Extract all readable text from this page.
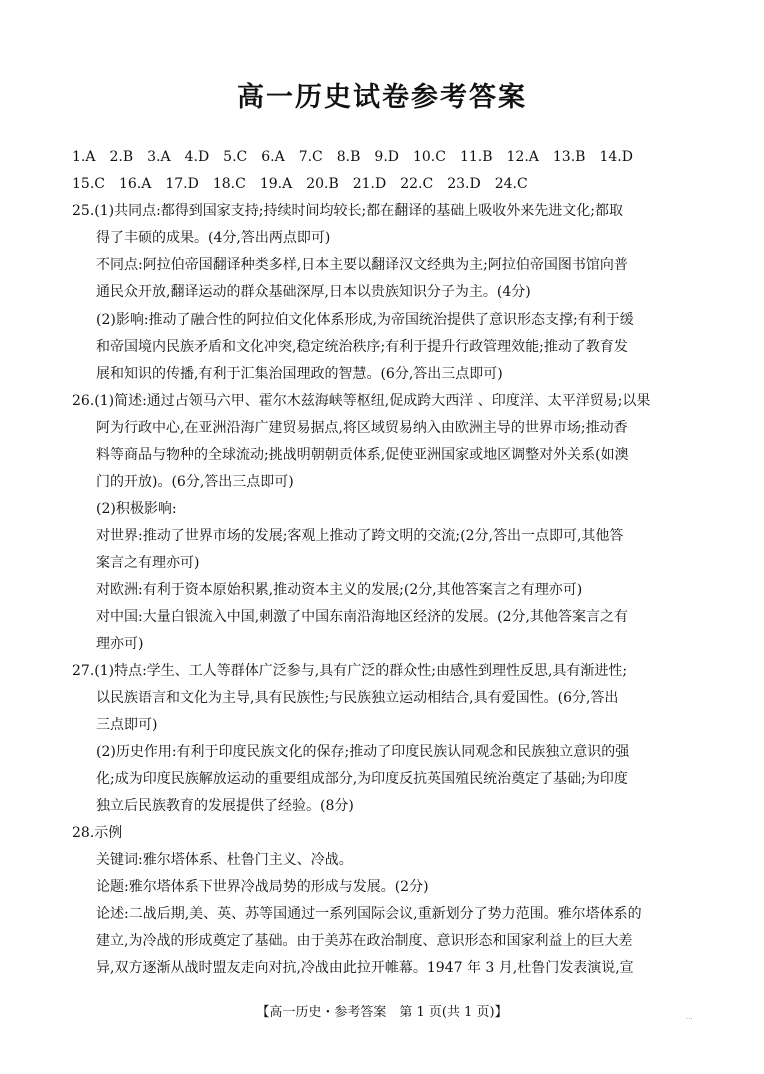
高一历史试卷参考答案
1.A　2.B　3.A　4.D　5.C　6.A　7.C　8.B　9.D　10.C　11.B　12.A　13.B　14.D
15.C　16.A　17.D　18.C　19.A　20.B　21.D　22.C　23.D　24.C
25.(1)共同点:都得到国家支持;持续时间均较长;都在翻译的基础上吸收外来先进文化;都取
得了丰硕的成果。(4分,答出两点即可)
不同点:阿拉伯帝国翻译种类多样,日本主要以翻译汉文经典为主;阿拉伯帝国图书馆向普
通民众开放,翻译运动的群众基础深厚,日本以贵族知识分子为主。(4分)
(2)影响:推动了融合性的阿拉伯文化体系形成,为帝国统治提供了意识形态支撑;有利于缓
和帝国境内民族矛盾和文化冲突,稳定统治秩序;有利于提升行政管理效能;推动了教育发
展和知识的传播,有利于汇集治国理政的智慧。(6分,答出三点即可)
26.(1)简述:通过占领马六甲、霍尔木兹海峡等枢纽,促成跨大西洋 、印度洋、太平洋贸易;以果
阿为行政中心,在亚洲沿海广建贸易据点,将区域贸易纳入由欧洲主导的世界市场;推动香
料等商品与物种的全球流动;挑战明朝朝贡体系,促使亚洲国家或地区调整对外关系(如澳
门的开放)。(6分,答出三点即可)
(2)积极影响:
对世界:推动了世界市场的发展;客观上推动了跨文明的交流;(2分,答出一点即可,其他答
案言之有理亦可)
对欧洲:有利于资本原始积累,推动资本主义的发展;(2分,其他答案言之有理亦可)
对中国:大量白银流入中国,刺激了中国东南沿海地区经济的发展。(2分,其他答案言之有
理亦可)
27.(1)特点:学生、工人等群体广泛参与,具有广泛的群众性;由感性到理性反思,具有渐进性;
以民族语言和文化为主导,具有民族性;与民族独立运动相结合,具有爱国性。(6分,答出
三点即可)
(2)历史作用:有利于印度民族文化的保存;推动了印度民族认同观念和民族独立意识的强
化;成为印度民族解放运动的重要组成部分,为印度反抗英国殖民统治奠定了基础;为印度
独立后民族教育的发展提供了经验。(8分)
28.示例
关键词:雅尔塔体系、杜鲁门主义、冷战。
论题:雅尔塔体系下世界冷战局势的形成与发展。(2分)
论述:二战后期,美、英、苏等国通过一系列国际会议,重新划分了势力范围。雅尔塔体系的
建立,为冷战的形成奠定了基础。由于美苏在政治制度、意识形态和国家利益上的巨大差
异,双方逐渐从战时盟友走向对抗,冷战由此拉开帷幕。1947 年 3 月,杜鲁门发表演说,宣
【高一历史・参考答案　第 1 页(共 1 页)】	...
